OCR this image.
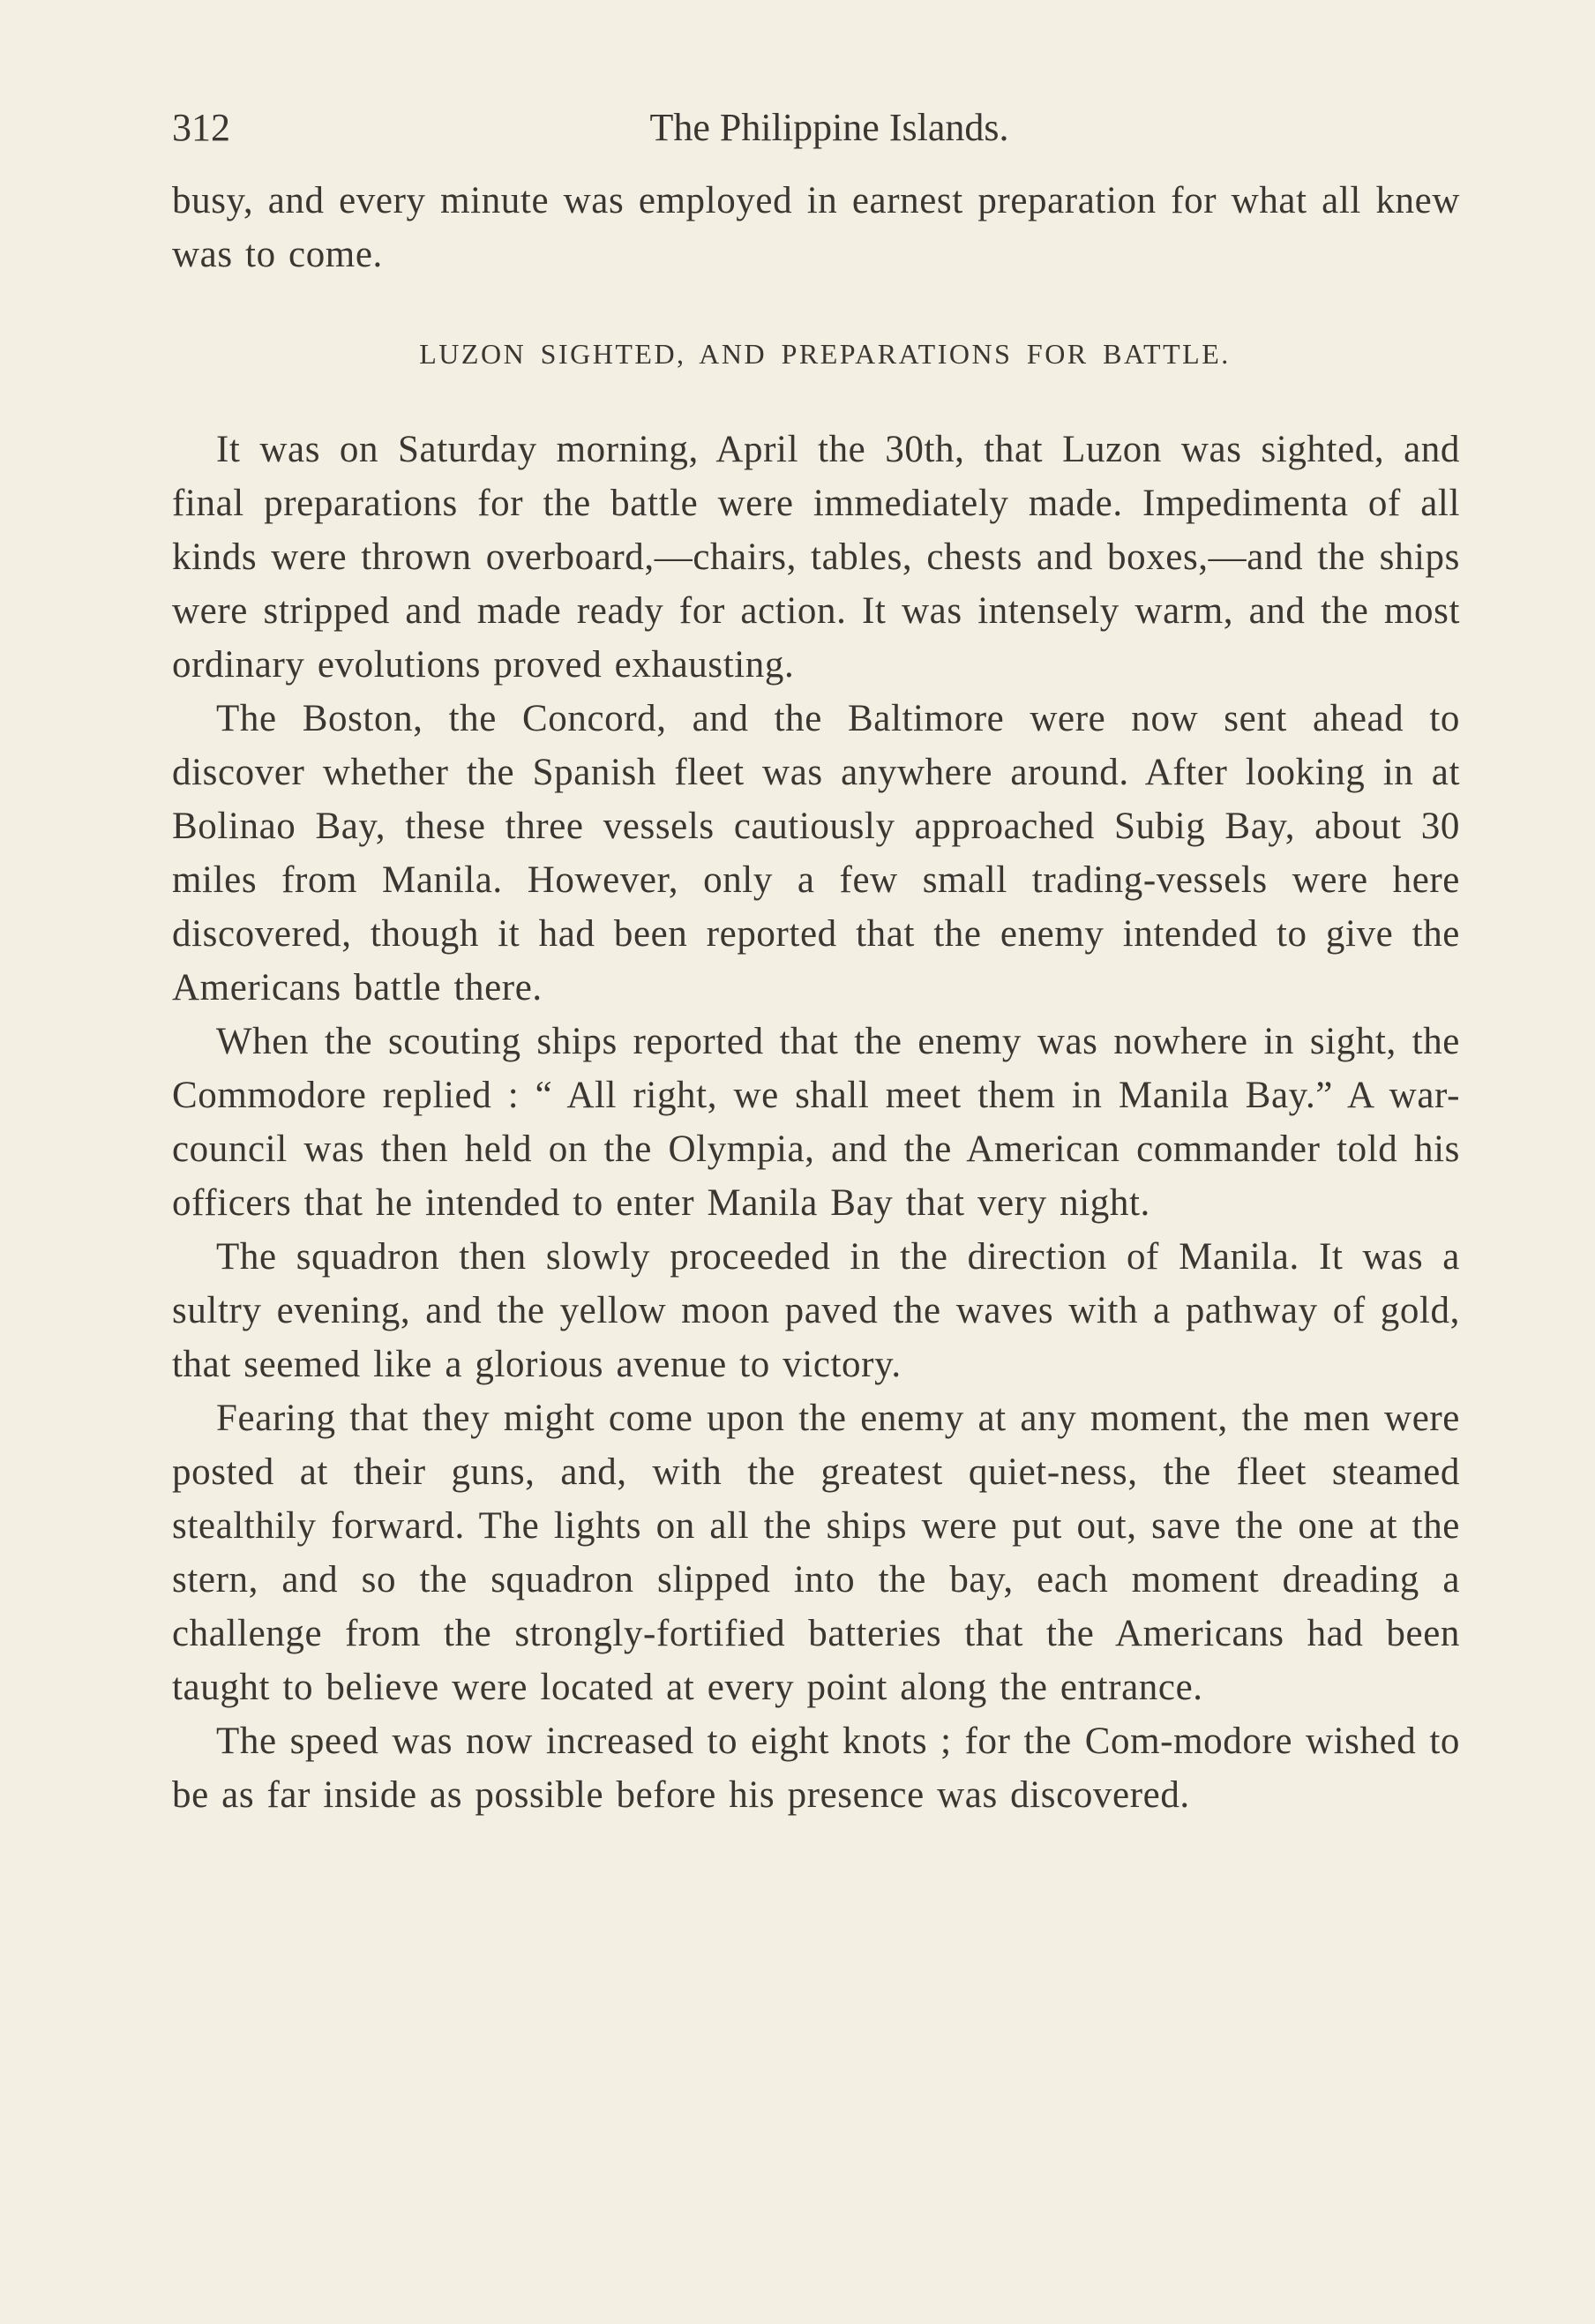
312	The Philippine Islands.

busy, and every minute was employed in earnest preparation for what all knew was to come.

LUZON SIGHTED, AND PREPARATIONS FOR BATTLE.

It was on Saturday morning, April the 30th, that Luzon was sighted, and final preparations for the battle were immediately made. Impedimenta of all kinds were thrown overboard,—chairs, tables, chests and boxes,—and the ships were stripped and made ready for action. It was intensely warm, and the most ordinary evolutions proved exhausting.

The Boston, the Concord, and the Baltimore were now sent ahead to discover whether the Spanish fleet was anywhere around. After looking in at Bolinao Bay, these three vessels cautiously approached Subig Bay, about 30 miles from Manila. However, only a few small trading-vessels were here discovered, though it had been reported that the enemy intended to give the Americans battle there.

When the scouting ships reported that the enemy was nowhere in sight, the Commodore replied : “ All right, we shall meet them in Manila Bay.” A war-council was then held on the Olympia, and the American commander told his officers that he intended to enter Manila Bay that very night.

The squadron then slowly proceeded in the direction of Manila. It was a sultry evening, and the yellow moon paved the waves with a pathway of gold, that seemed like a glorious avenue to victory.

Fearing that they might come upon the enemy at any moment, the men were posted at their guns, and, with the greatest quiet-ness, the fleet steamed stealthily forward. The lights on all the ships were put out, save the one at the stern, and so the squadron slipped into the bay, each moment dreading a challenge from the strongly-fortified batteries that the Americans had been taught to believe were located at every point along the entrance.

The speed was now increased to eight knots ; for the Com-modore wished to be as far inside as possible before his presence was discovered.
